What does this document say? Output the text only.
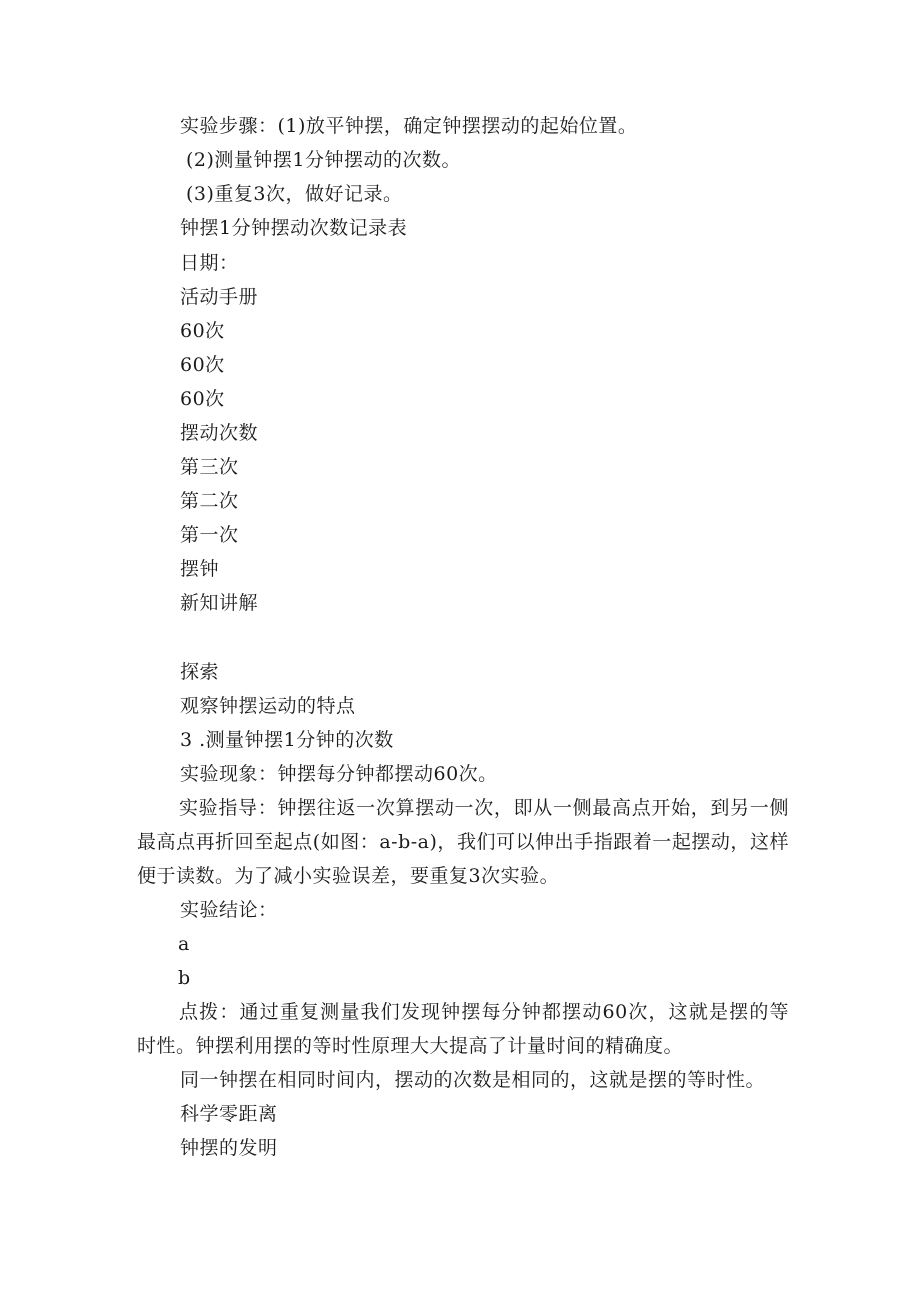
实验步骤：(1)放平钟摆，确定钟摆摆动的起始位置。
(2)测量钟摆1分钟摆动的次数。
(3)重复3次，做好记录。
钟摆1分钟摆动次数记录表
日期：
活动手册
60次
60次
60次
摆动次数
第三次
第二次
第一次
摆钟
新知讲解
探索
观察钟摆运动的特点
3 .测量钟摆1分钟的次数
实验现象：钟摆每分钟都摆动60次。
实验指导：钟摆往返一次算摆动一次，即从一侧最高点开始，到另一侧最高点再折回至起点(如图：a-b-a)，我们可以伸出手指跟着一起摆动，这样便于读数。为了减小实验误差，要重复3次实验。
实验结论：
a
b
点拨：通过重复测量我们发现钟摆每分钟都摆动60次，这就是摆的等时性。钟摆利用摆的等时性原理大大提高了计量时间的精确度。
同一钟摆在相同时间内，摆动的次数是相同的，这就是摆的等时性。
科学零距离
钟摆的发明
